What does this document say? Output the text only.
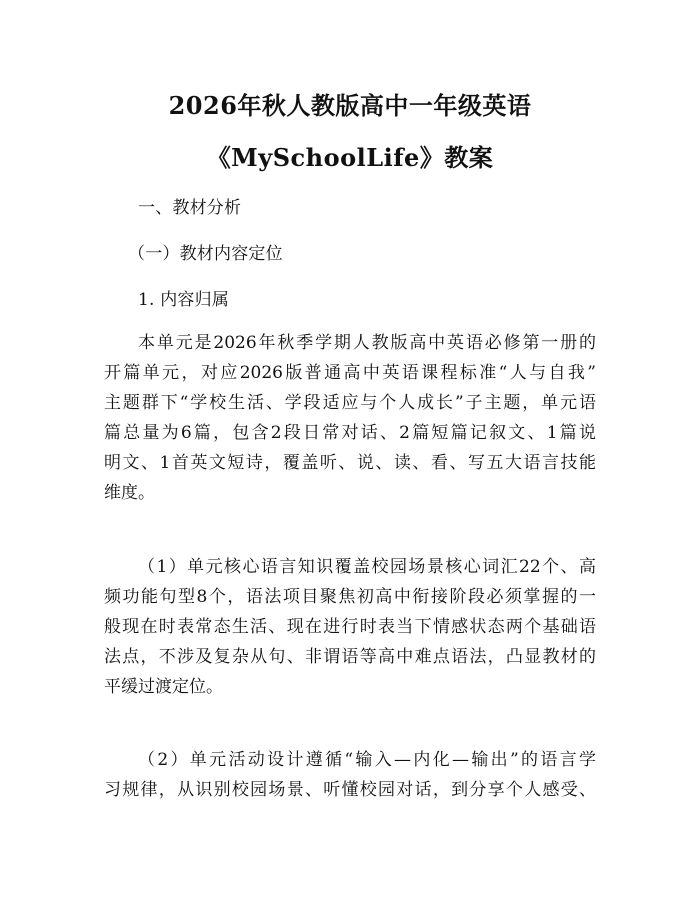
2026年秋人教版高中一年级英语
《MySchoolLife》教案
一、教材分析
（一）教材内容定位
1. 内容归属
本单元是2026年秋季学期人教版高中英语必修第一册的
开篇单元，对应2026版普通高中英语课程标准“人与自我”
主题群下“学校生活、学段适应与个人成长”子主题，单元语
篇总量为6篇，包含2段日常对话、2篇短篇记叙文、1篇说
明文、1首英文短诗，覆盖听、说、读、看、写五大语言技能
维度。
（1）单元核心语言知识覆盖校园场景核心词汇22个、高
频功能句型8个，语法项目聚焦初高中衔接阶段必须掌握的一
般现在时表常态生活、现在进行时表当下情感状态两个基础语
法点，不涉及复杂从句、非谓语等高中难点语法，凸显教材的
平缓过渡定位。
（2）单元活动设计遵循“输入—内化—输出”的语言学
习规律，从识别校园场景、听懂校园对话，到分享个人感受、
